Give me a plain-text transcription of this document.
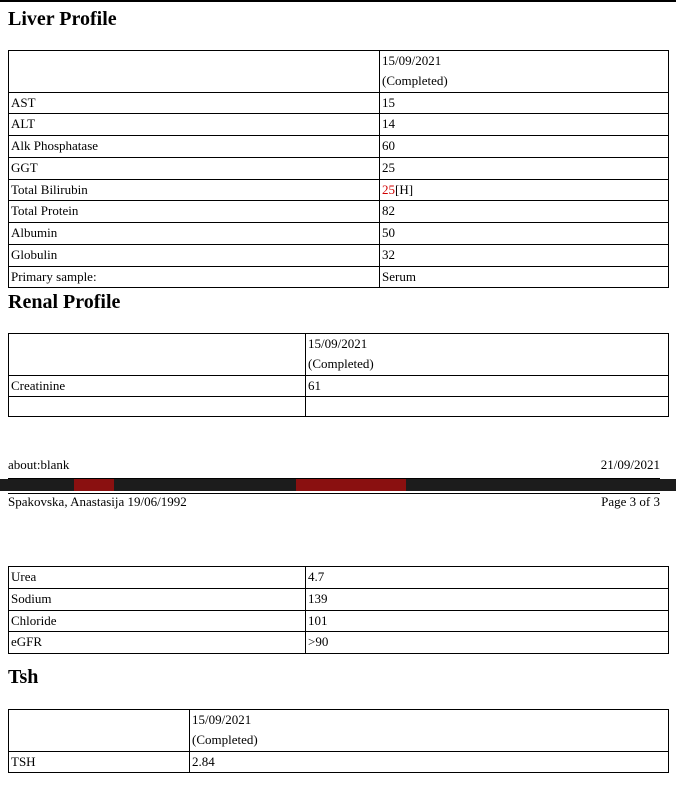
Liver Profile

	15/09/2021
(Completed)

AST	15
ALT	14
Alk Phosphatase	60
GGT	25
Total Bilirubin	25[H]
Total Protein	82
Albumin	50
Globulin	32
Primary sample:	Serum
Renal Profile

	15/09/2021
(Completed)

Creatinine	61

about:blank	21/09/2021
Spakovska, Anastasija 19/06/1992	Page 3 of 3
Urea	4.7
Sodium	139
Chloride	101
eGFR	>90
Tsh

	15/09/2021
(Completed)

TSH	2.84
